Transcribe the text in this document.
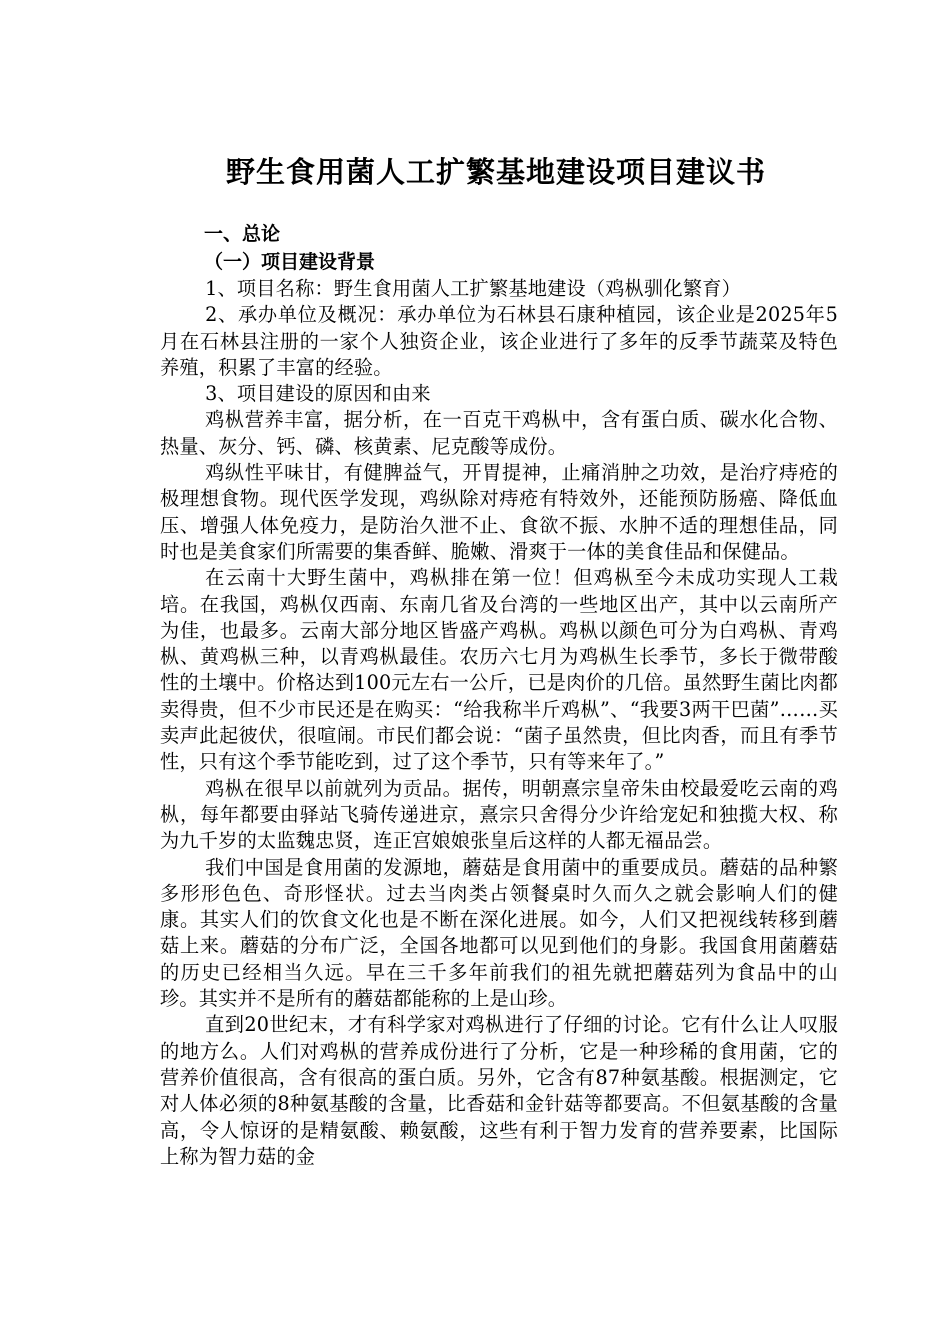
野生食用菌人工扩繁基地建设项目建议书
一、总论
（一）项目建设背景

1、项目名称：野生食用菌人工扩繁基地建设（鸡枞驯化繁育）

2、承办单位及概况：承办单位为石林县石康种植园，该企业是2025年5月在石林县注册的一家个人独资企业，该企业进行了多年的反季节蔬菜及特色养殖，积累了丰富的经验。

3、项目建设的原因和由来

鸡枞营养丰富，据分析，在一百克干鸡枞中，含有蛋白质、碳水化合物、热量、灰分、钙、磷、核黄素、尼克酸等成份。

鸡纵性平味甘，有健脾益气，开胃提神，止痛消肿之功效，是治疗痔疮的极理想食物。现代医学发现，鸡纵除对痔疮有特效外，还能预防肠癌、降低血压、增强人体免疫力，是防治久泄不止、食欲不振、水肿不适的理想佳品，同时也是美食家们所需要的集香鲜、脆嫩、滑爽于一体的美食佳品和保健品。

在云南十大野生菌中，鸡枞排在第一位！但鸡枞至今未成功实现人工栽培。在我国，鸡枞仅西南、东南几省及台湾的一些地区出产，其中以云南所产为佳，也最多。云南大部分地区皆盛产鸡枞。鸡枞以颜色可分为白鸡枞、青鸡枞、黄鸡枞三种，以青鸡枞最佳。农历六七月为鸡枞生长季节，多长于微带酸性的土壤中。价格达到100元左右一公斤，已是肉价的几倍。虽然野生菌比肉都卖得贵，但不少市民还是在购买：“给我称半斤鸡枞”、“我要3两干巴菌”……买卖声此起彼伏，很喧闹。市民们都会说：“菌子虽然贵，但比肉香，而且有季节性，只有这个季节能吃到，过了这个季节，只有等来年了。”

鸡枞在很早以前就列为贡品。据传，明朝熹宗皇帝朱由校最爱吃云南的鸡枞，每年都要由驿站飞骑传递进京，熹宗只舍得分少许给宠妃和独揽大权、称为九千岁的太监魏忠贤，连正宫娘娘张皇后这样的人都无福品尝。

我们中国是食用菌的发源地，蘑菇是食用菌中的重要成员。蘑菇的品种繁多形形色色、奇形怪状。过去当肉类占领餐桌时久而久之就会影响人们的健康。其实人们的饮食文化也是不断在深化进展。如今，人们又把视线转移到蘑菇上来。蘑菇的分布广泛，全国各地都可以见到他们的身影。我国食用菌蘑菇的历史已经相当久远。早在三千多年前我们的祖先就把蘑菇列为食品中的山珍。其实并不是所有的蘑菇都能称的上是山珍。

直到20世纪末，才有科学家对鸡枞进行了仔细的讨论。它有什么让人叹服的地方么。人们对鸡枞的营养成份进行了分析，它是一种珍稀的食用菌，它的营养价值很高，含有很高的蛋白质。另外，它含有87种氨基酸。根据测定，它对人体必须的8种氨基酸的含量，比香菇和金针菇等都要高。不但氨基酸的含量高，令人惊讶的是精氨酸、赖氨酸，这些有利于智力发育的营养要素，比国际上称为智力菇的金
